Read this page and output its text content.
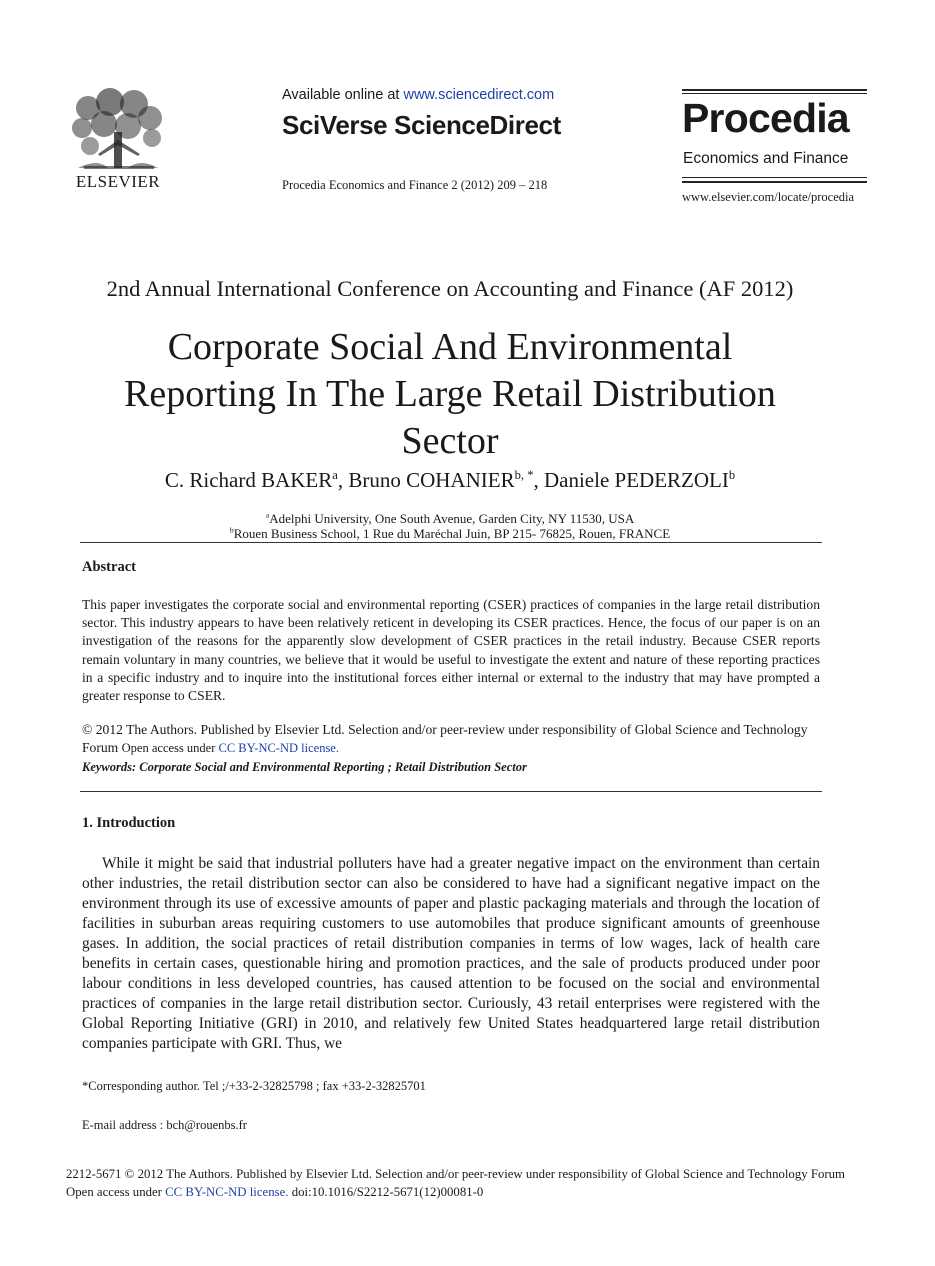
ELSEVIER
Available online at www.sciencedirect.com
SciVerse ScienceDirect
Procedia Economics and Finance 2 (2012) 209 – 218
Procedia
Economics and Finance
www.elsevier.com/locate/procedia
2nd Annual International Conference on Accounting and Finance (AF 2012)
Corporate Social And Environmental Reporting In The Large Retail Distribution Sector
C. Richard BAKER$^a$, Bruno $COHANIER^{b, *}$, Daniele PEDERZOLI$^b$
$^a$Adelphi University, One South Avenue, Garden City, NY 11530, USA
$^b$Rouen Business School, 1 Rue du Maréchal Juin, BP 215- 76825, Rouen, FRANCE
Abstract
This paper investigates the corporate social and environmental reporting (CSER) practices of companies in the large retail distribution sector. This industry appears to have been relatively reticent in developing its CSER practices. Hence, the focus of our paper is on an investigation of the reasons for the apparently slow development of CSER practices in the retail industry. Because CSER reports remain voluntary in many countries, we believe that it would be useful to investigate the extent and nature of these reporting practices in a specific industry and to inquire into the institutional forces either internal or external to the industry that may have prompted a greater response to CSER.
© 2012 The Authors. Published by Elsevier Ltd. Selection and/or peer-review under responsibility of Global Science and Technology Forum Open access under CC BY-NC-ND license.
Keywords: Corporate Social and Environmental Reporting ; Retail Distribution Sector
1. Introduction

While it might be said that industrial polluters have had a greater negative impact on the environment than certain other industries, the retail distribution sector can also be considered to have had a significant negative impact on the environment through its use of excessive amounts of paper and plastic packaging materials and through the location of facilities in suburban areas requiring customers to use automobiles that produce significant amounts of greenhouse gases. In addition, the social practices of retail distribution companies in terms of low wages, lack of health care benefits in certain cases, questionable hiring and promotion practices, and the sale of products produced under poor labour conditions in less developed countries, has caused attention to be focused on the social and environmental practices of companies in the large retail distribution sector. Curiously, 43 retail enterprises were registered with the Global Reporting Initiative (GRI) in 2010, and relatively few United States headquartered large retail distribution companies participate with GRI. Thus, we

*Corresponding author. Tel ;/+33-2-32825798 ; fax +33-2-32825701
E-mail address : bch@rouenbs.fr
2212-5671 © 2012 The Authors. Published by Elsevier Ltd. Selection and/or peer-review under responsibility of Global Science and Technology Forum
Open access under CC BY-NC-ND license. doi:10.1016/S2212-5671(12)00081-0
